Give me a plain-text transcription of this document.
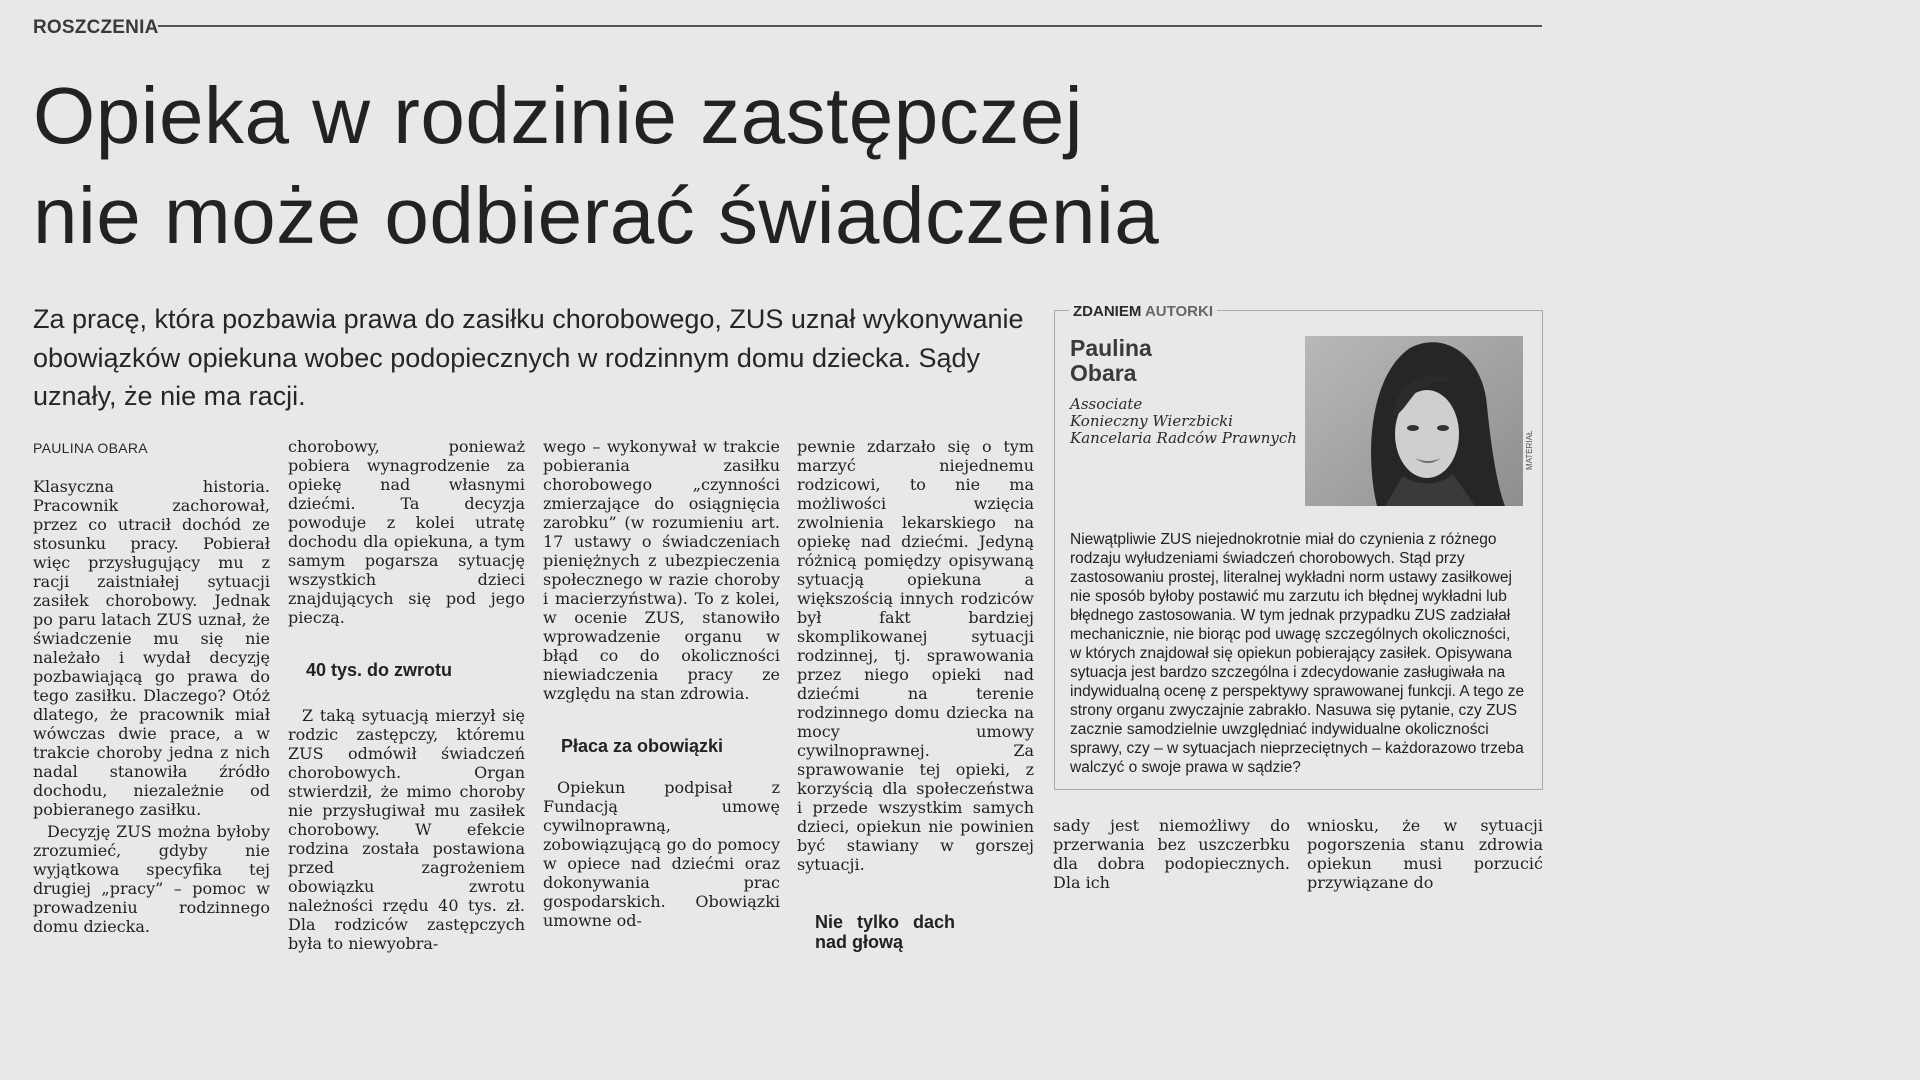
ROSZCZENIA
Opieka w rodzinie zastępczej
nie może odbierać świadczenia
Za pracę, która pozbawia prawa do zasiłku chorobowego, ZUS uznał wykonywanie obowiązków opiekuna wobec podopiecznych w rodzinnym domu dziecka. Sądy uznały, że nie ma racji.
PAULINA OBARA

Klasyczna historia. Pracownik zachorował, przez co utracił dochód ze stosunku pracy. Pobierał więc przysługujący mu z racji zaistniałej sytuacji zasiłek chorobowy. Jednak po paru latach ZUS uznał, że świadczenie mu się nie należało i wydał decyzję pozbawiającą go prawa do tego zasiłku. Dlaczego? Otóż dlatego, że pracownik miał wówczas dwie prace, a w trakcie choroby jedna z nich nadal stanowiła źródło dochodu, niezależnie od pobieranego zasiłku.

Decyzję ZUS można byłoby zrozumieć, gdyby nie wyjątkowa specyfika tej drugiej „pracy” – pomoc w prowadzeniu rodzinnego domu dziecka.

chorobowy, ponieważ pobiera wynagrodzenie za opiekę nad własnymi dziećmi. Ta decyzja powoduje z kolei utratę dochodu dla opiekuna, a tym samym pogarsza sytuację wszystkich dzieci znajdujących się pod jego pieczą.

40 tys. do zwrotu

Z taką sytuacją mierzył się rodzic zastępczy, któremu ZUS odmówił świadczeń chorobowych. Organ stwierdził, że mimo choroby nie przysługiwał mu zasiłek chorobowy. W efekcie rodzina została postawiona przed zagrożeniem obowiązku zwrotu należności rzędu 40 tys. zł. Dla rodziców zastępczych była to niewyobra-

wego – wykonywał w trakcie pobierania zasiłku chorobowego „czynności zmierzające do osiągnięcia zarobku” (w rozumieniu art. 17 ustawy o świadczeniach pieniężnych z ubezpieczenia społecznego w razie choroby i macierzyństwa). To z kolei, w ocenie ZUS, stanowiło wprowadzenie organu w błąd co do okoliczności niewiadczenia pracy ze względu na stan zdrowia.

Płaca za obowiązki

Opiekun podpisał z Fundacją umowę cywilnoprawną, zobowiązującą go do pomocy w opiece nad dziećmi oraz dokonywania prac gospodarskich. Obowiązki umowne od-

pewnie zdarzało się o tym marzyć niejednemu rodzicowi, to nie ma możliwości wzięcia zwolnienia lekarskiego na opiekę nad dziećmi. Jedyną różnicą pomiędzy opisywaną sytuacją opiekuna a większością innych rodziców był fakt bardziej skomplikowanej sytuacji rodzinnej, tj. sprawowania przez niego opieki nad dziećmi na terenie rodzinnego domu dziecka na mocy umowy cywilnoprawnej. Za sprawowanie tej opieki, z korzyścią dla społeczeństwa i przede wszystkim samych dzieci, opiekun nie powinien być stawiany w gorszej sytuacji.

Nie tylko dach nad głową
ZDANIEM AUTORKI
Paulina
Obara
Associate
Konieczny Wierzbicki
Kancelaria Radców Prawnych	MATERIAŁ
Niewątpliwie ZUS niejednokrotnie miał do czynienia z różnego rodzaju wyłudzeniami świadczeń chorobowych. Stąd przy zastosowaniu prostej, literalnej wykładni norm ustawy zasiłkowej nie sposób byłoby postawić mu zarzutu ich błędnej wykładni lub błędnego zastosowania. W tym jednak przypadku ZUS zadziałał mechanicznie, nie biorąc pod uwagę szczególnych okoliczności, w których znajdował się opiekun pobierający zasiłek. Opisywana sytuacja jest bardzo szczególna i zdecydowanie zasługiwała na indywidualną ocenę z perspektywy sprawowanej funkcji. A tego ze strony organu zwyczajnie zabrakło. Nasuwa się pytanie, czy ZUS zacznie samodzielnie uwzględniać indywidualne okoliczności sprawy, czy – w sytuacjach nieprzeciętnych – każdorazowo trzeba walczyć o swoje prawa w sądzie?

sady jest niemożliwy do przerwania bez uszczerbku dla dobra podopiecznych. Dla ich

wniosku, że w sytuacji pogorszenia stanu zdrowia opiekun musi porzucić przywiązane do
